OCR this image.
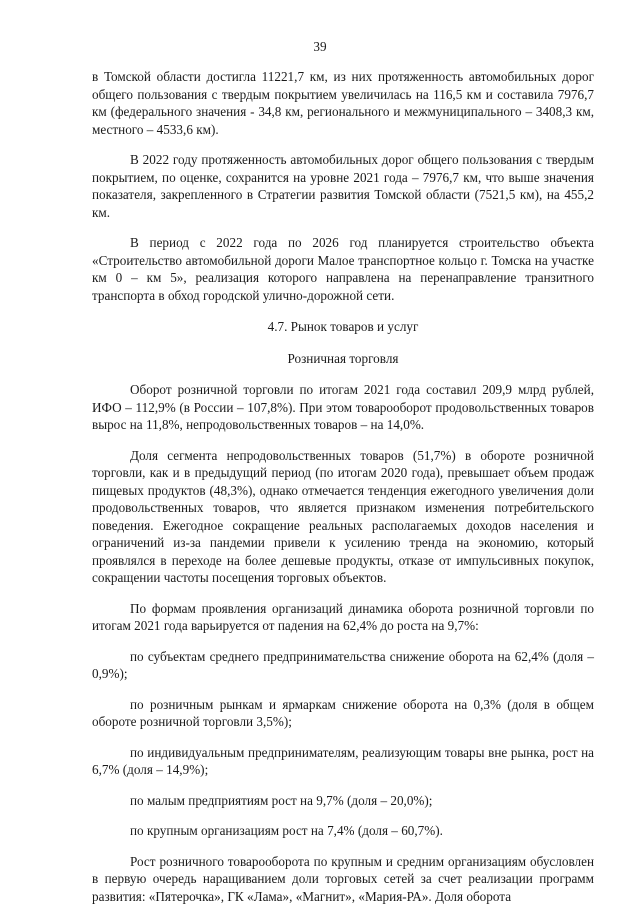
39

в Томской области достигла 11221,7 км, из них протяженность автомобильных дорог общего пользования с твердым покрытием увеличилась на 116,5 км и составила 7976,7 км (федерального значения - 34,8 км, регионального и межмуниципального – 3408,3 км, местного – 4533,6 км).

В 2022 году протяженность автомобильных дорог общего пользования с твердым покрытием, по оценке, сохранится на уровне 2021 года – 7976,7 км, что выше значения показателя, закрепленного в Стратегии развития Томской области (7521,5 км), на 455,2 км.

В период с 2022 года по 2026 год планируется строительство объекта «Строительство автомобильной дороги Малое транспортное кольцо г. Томска на участке км 0 – км 5», реализация которого направлена на перенаправление транзитного транспорта в обход городской улично-дорожной сети.

4.7. Рынок товаров и услуг

Розничная торговля

Оборот розничной торговли по итогам 2021 года составил 209,9 млрд рублей, ИФО – 112,9% (в России – 107,8%). При этом товарооборот продовольственных товаров вырос на 11,8%, непродовольственных товаров – на 14,0%.

Доля сегмента непродовольственных товаров (51,7%) в обороте розничной торговли, как и в предыдущий период (по итогам 2020 года), превышает объем продаж пищевых продуктов (48,3%), однако отмечается тенденция ежегодного увеличения доли продовольственных товаров, что является признаком изменения потребительского поведения. Ежегодное сокращение реальных располагаемых доходов населения и ограничений из-за пандемии привели к усилению тренда на экономию, который проявлялся в переходе на более дешевые продукты, отказе от импульсивных покупок, сокращении частоты посещения торговых объектов.

По формам проявления организаций динамика оборота розничной торговли по итогам 2021 года варьируется от падения на 62,4% до роста на 9,7%:

по субъектам среднего предпринимательства снижение оборота на 62,4% (доля – 0,9%);

по розничным рынкам и ярмаркам снижение оборота на 0,3% (доля в общем обороте розничной торговли 3,5%);

по индивидуальным предпринимателям, реализующим товары вне рынка, рост на 6,7% (доля – 14,9%);

по малым предприятиям рост на 9,7% (доля – 20,0%);

по крупным организациям рост на 7,4% (доля – 60,7%).

Рост розничного товарооборота по крупным и средним организациям обусловлен в первую очередь наращиванием доли торговых сетей за счет реализации программ развития: «Пятерочка», ГК «Лама», «Магнит», «Мария-РА». Доля оборота
